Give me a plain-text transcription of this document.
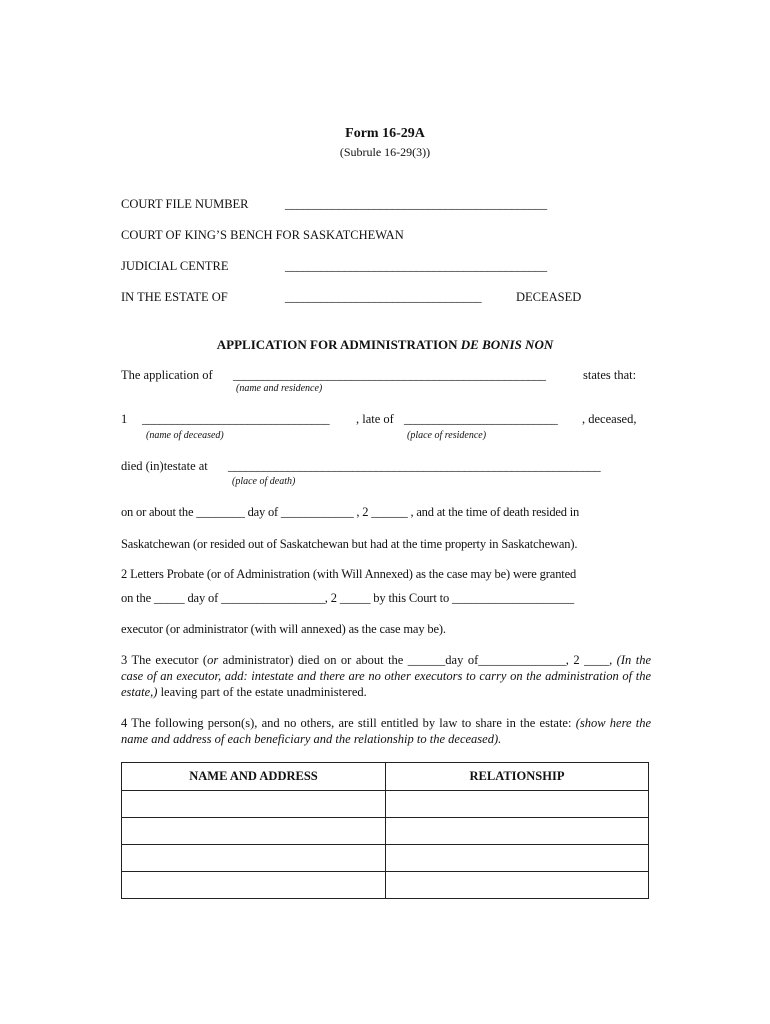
Form 16-29A
(Subrule 16-29(3))
COURT FILE NUMBER	____________________________________________
COURT OF KING’S BENCH FOR SASKATCHEWAN
JUDICIAL CENTRE	____________________________________________
IN THE ESTATE OF	_________________________________	DECEASED
APPLICATION FOR ADMINISTRATION DE BONIS NON
The application of _____________________________________________________	states that:
(name and residence)
1 ________________________________ , late of __________________________ , deceased,
(name of deceased)	(place of residence)
died (in)testate at _______________________________________________________________
(place of death)
on or about the ________ day of ____________ , 2 ______ , and at the time of death resided in
Saskatchewan (or resided out of Saskatchewan but had at the time property in Saskatchewan).
2 Letters Probate (or of Administration (with Will Annexed) as the case may be) were granted
on the _____ day of _________________, 2 _____ by this Court to ____________________
executor (or administrator (with will annexed) as the case may be).
3 The executor (or administrator) died on or about the ______day of______________, 2 ____, (In the case of an executor, add: intestate and there are no other executors to carry on the administration of the estate,) leaving part of the estate unadministered.
4 The following person(s), and no others, are still entitled by law to share in the estate: (show here the name and address of each beneficiary and the relationship to the deceased).
NAME AND ADDRESS	RELATIONSHIP
